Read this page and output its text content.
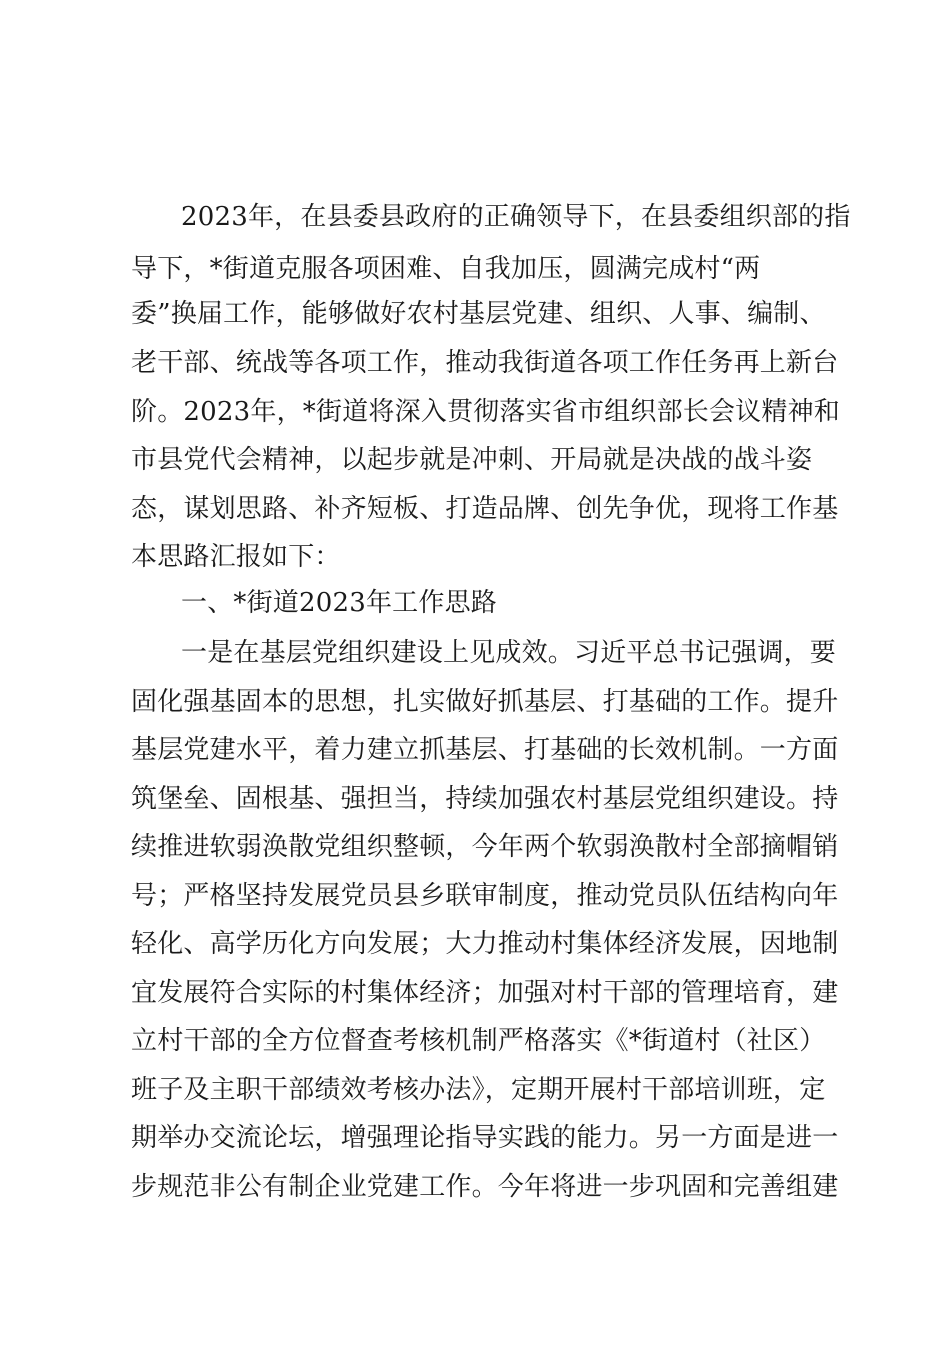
2023年，在县委县政府的正确领导下，在县委组织部的指
导下，*街道克服各项困难、自我加压，圆满完成村“两
委”换届工作，能够做好农村基层党建、组织、人事、编制、
老干部、统战等各项工作，推动我街道各项工作任务再上新台
阶。2023年，*街道将深入贯彻落实省市组织部长会议精神和
市县党代会精神，以起步就是冲刺、开局就是决战的战斗姿
态，谋划思路、补齐短板、打造品牌、创先争优，现将工作基
本思路汇报如下：
一、*街道2023年工作思路
一是在基层党组织建设上见成效。习近平总书记强调，要
固化强基固本的思想，扎实做好抓基层、打基础的工作。提升
基层党建水平，着力建立抓基层、打基础的长效机制。一方面
筑堡垒、固根基、强担当，持续加强农村基层党组织建设。持
续推进软弱涣散党组织整顿，今年两个软弱涣散村全部摘帽销
号；严格坚持发展党员县乡联审制度，推动党员队伍结构向年
轻化、高学历化方向发展；大力推动村集体经济发展，因地制
宜发展符合实际的村集体经济；加强对村干部的管理培育，建
立村干部的全方位督查考核机制严格落实《*街道村（社区）
班子及主职干部绩效考核办法》，定期开展村干部培训班，定
期举办交流论坛，增强理论指导实践的能力。另一方面是进一
步规范非公有制企业党建工作。今年将进一步巩固和完善组建
